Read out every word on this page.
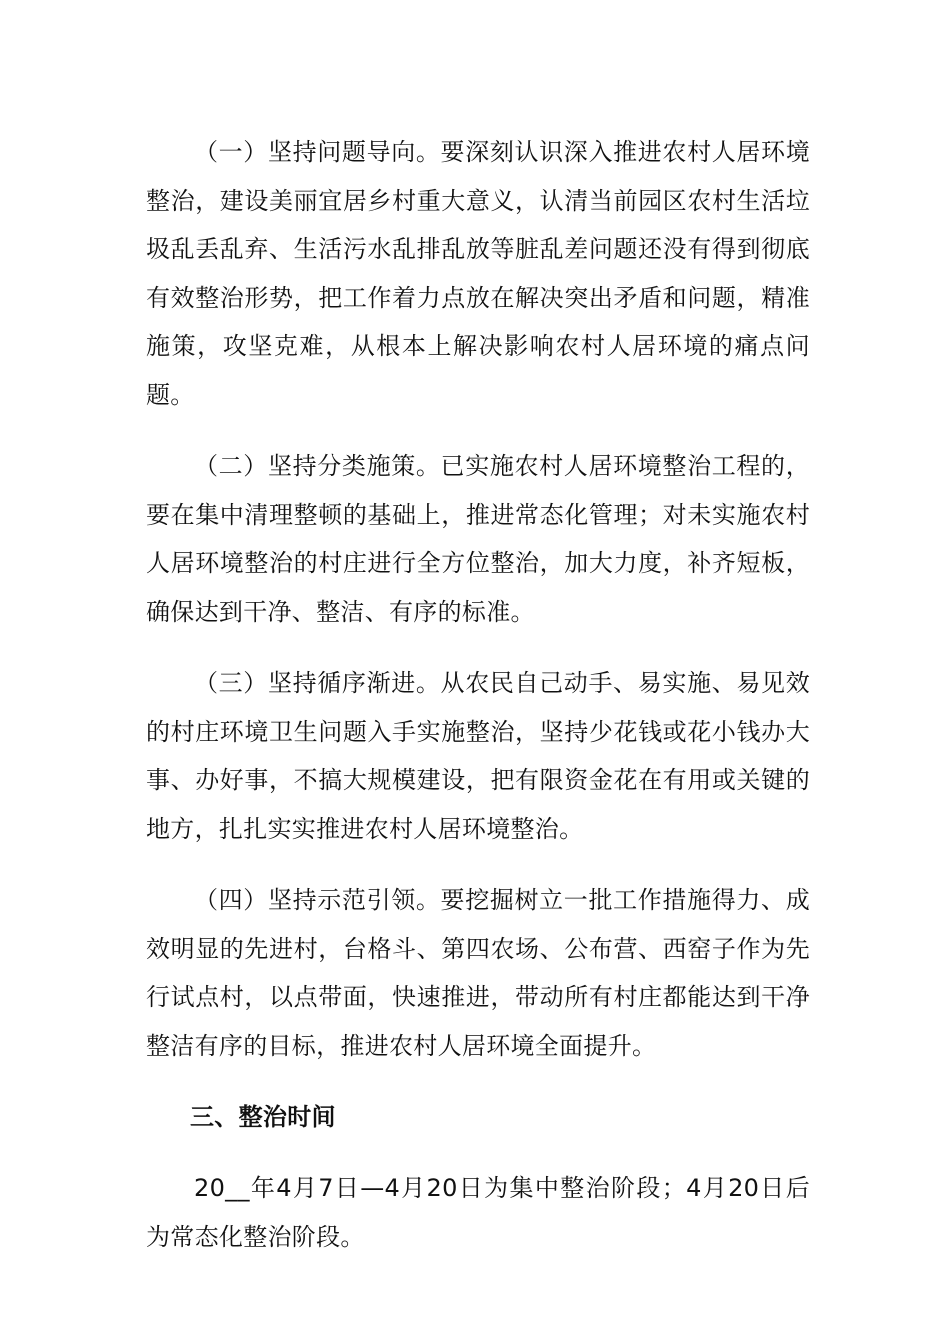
（一）坚持问题导向。要深刻认识深入推进农村人居环境整治，建设美丽宜居乡村重大意义，认清当前园区农村生活垃圾乱丢乱弃、生活污水乱排乱放等脏乱差问题还没有得到彻底有效整治形势，把工作着力点放在解决突出矛盾和问题，精准施策，攻坚克难，从根本上解决影响农村人居环境的痛点问题。

（二）坚持分类施策。已实施农村人居环境整治工程的，要在集中清理整顿的基础上，推进常态化管理；对未实施农村人居环境整治的村庄进行全方位整治，加大力度，补齐短板，确保达到干净、整洁、有序的标准。

（三）坚持循序渐进。从农民自己动手、易实施、易见效的村庄环境卫生问题入手实施整治，坚持少花钱或花小钱办大事、办好事，不搞大规模建设，把有限资金花在有用或关键的地方，扎扎实实推进农村人居环境整治。

（四）坚持示范引领。要挖掘树立一批工作措施得力、成效明显的先进村，台格斗、第四农场、公布营、西窑子作为先行试点村，以点带面，快速推进，带动所有村庄都能达到干净整洁有序的目标，推进农村人居环境全面提升。

三、整治时间

20__年4月7日—4月20日为集中整治阶段；4月20日后为常态化整治阶段。
